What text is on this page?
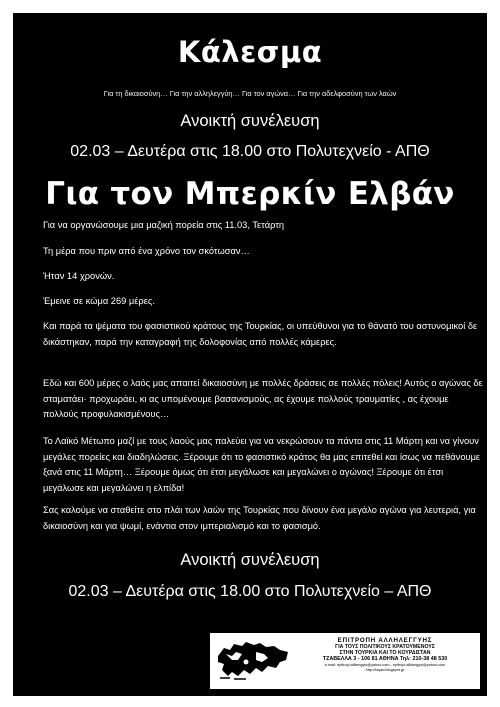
Κάλεσμα
Για τη δικαιοσύνη… Για την αλληλεγγύη… Για τον αγώνα… Για την αδελφοσύνη των λαών
Ανοικτή συνέλευση
02.03 – Δευτέρα στις 18.00 στο Πολυτεχνείο - ΑΠΘ
Για τον Μπερκίν Ελβάν

Για να οργανώσουμε μια μαζική πορεία στις 11.03, Τετάρτη

Τη μέρα που πριν από ένα χρόνο τον σκότωσαν…

Ήταν 14 χρονών.

Έμεινε σε κώμα 269 μέρες.

Και παρά τα ψέματα του φασιστικού κράτους της Τουρκίας, οι υπεύθυνοι για το θάνατό του αστυνομικοί δε δικάστηκαν, παρά την καταγραφή της δολοφονίας από πολλές κάμερες.

Εδώ και 600 μέρες ο λαός μας απαιτεί δικαιοσύνη με πολλές δράσεις σε πολλές πόλεις! Αυτός ο αγώνας δε σταματάει· προχωράει, κι ας υπομένουμε βασανισμούς, ας έχουμε πολλούς τραυματίες , ας έχουμε πολλούς προφυλακισμένους…

Το Λαϊκό Μέτωπο μαζί με τους λαούς μας παλεύει για να νεκρώσουν τα πάντα στις 11 Μάρτη και να γίνουν μεγάλες πορείες και διαδηλώσεις. Ξέρουμε ότι το φασιστικό κράτος θα μας επιτεθεί και ίσως να πεθάνουμε ξανά στις 11 Μάρτη… Ξέρουμε όμως ότι έτσι μεγάλωσε και μεγαλώνει ο αγώνας! Ξέρουμε ότι έτσι μεγάλωσε και μεγαλώνει η ελπίδα!

Σας καλούμε να σταθείτε στο πλάι των λαών της Τουρκίας που δίνουν ένα μεγάλο αγώνα για λευτεριά, για δικαιοσύνη και για ψωμί, ενάντια στον ιμπεριαλισμό και το φασισμό.

Ανοικτή συνέλευση
02.03 – Δευτέρα στις 18.00 στο Πολυτεχνείο – ΑΠΘ
ΕΠΙΤΡΟΠΗ ΑΛΛΗΛΕΓΓΥΗΣ
ΓΙΑ ΤΟΥΣ ΠΟΛΙΤΙΚΟΥΣ ΚΡΑΤΟΥΜΕΝΟΥΣ
ΣΤΗΝ ΤΟΥΡΚΙΑ ΚΑΙ ΤΟ ΚΟΥΡΔΙΣΤΑΝ
ΤΖΑΒΕΛΛΑ 3 - 106 81 ΑΘΗΝΑ Τηλ: 210-38 48 530
e-mail: epitropi.allilengyis@yahoo.com - epitropi.allilengyis@yahoo.com
http://tayad.blogspot.gr
